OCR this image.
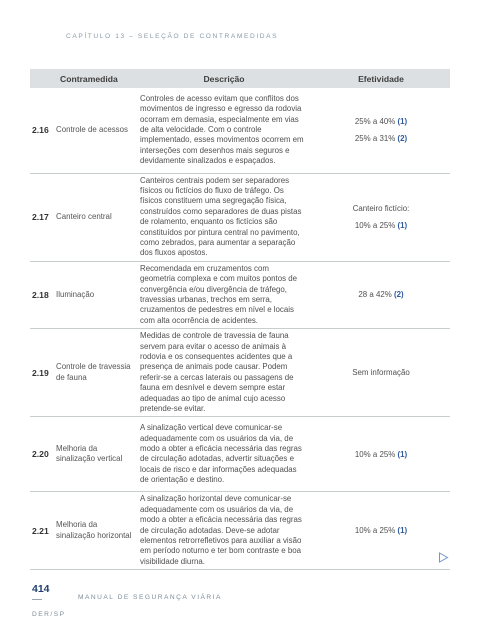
CAPÍTULO 13 – SELEÇÃO DE CONTRAMEDIDAS
Contramedida		Descrição	Efetividade
2.16	Controle de acessos	Controles de acesso evitam que conflitos dos movimentos de ingresso e egresso da rodovia ocorram em demasia, especialmente em vias de alta velocidade. Com o controle implementado, esses movimentos ocorrem em interseções com desenhos mais seguros e devidamente sinalizados e espaçados.	25% a 40% (1)
25% a 31% (2)

2.17	Canteiro central	Canteiros centrais podem ser separadores físicos ou fictícios do fluxo de tráfego. Os físicos constituem uma segregação física, construídos como separadores de duas pistas de rolamento, enquanto os fictícios são constituídos por pintura central no pavimento, como zebrados, para aumentar a separação dos fluxos apostos.	Canteiro fictício:
10% a 25% (1)

2.18	Iluminação	Recomendada em cruzamentos com geometria complexa e com muitos pontos de convergência e/ou divergência de tráfego, travessias urbanas, trechos em serra, cruzamentos de pedestres em nível e locais com alta ocorrência de acidentes.	28 a 42% (2)

2.19	Controle de travessia de fauna	Medidas de controle de travessia de fauna servem para evitar o acesso de animais à rodovia e os consequentes acidentes que a presença de animais pode causar. Podem referir-se a cercas laterais ou passagens de fauna em desnível e devem sempre estar adequadas ao tipo de animal cujo acesso pretende-se evitar.	Sem informação

2.20	Melhoria da sinalização vertical	A sinalização vertical deve comunicar-se adequadamente com os usuários da via, de modo a obter a eficácia necessária das regras de circulação adotadas, advertir situações e locais de risco e dar informações adequadas de orientação e destino.	10% a 25% (1)

2.21	Melhoria da sinalização horizontal	A sinalização horizontal deve comunicar-se adequadamente com os usuários da via, de modo a obter a eficácia necessária das regras de circulação adotadas. Deve-se adotar elementos retrorrefletivos para auxiliar a visão em período noturno e ter bom contraste e boa visibilidade diurna.	10% a 25% (1)
414
MANUAL DE SEGURANÇA VIÁRIA
DER/SP
